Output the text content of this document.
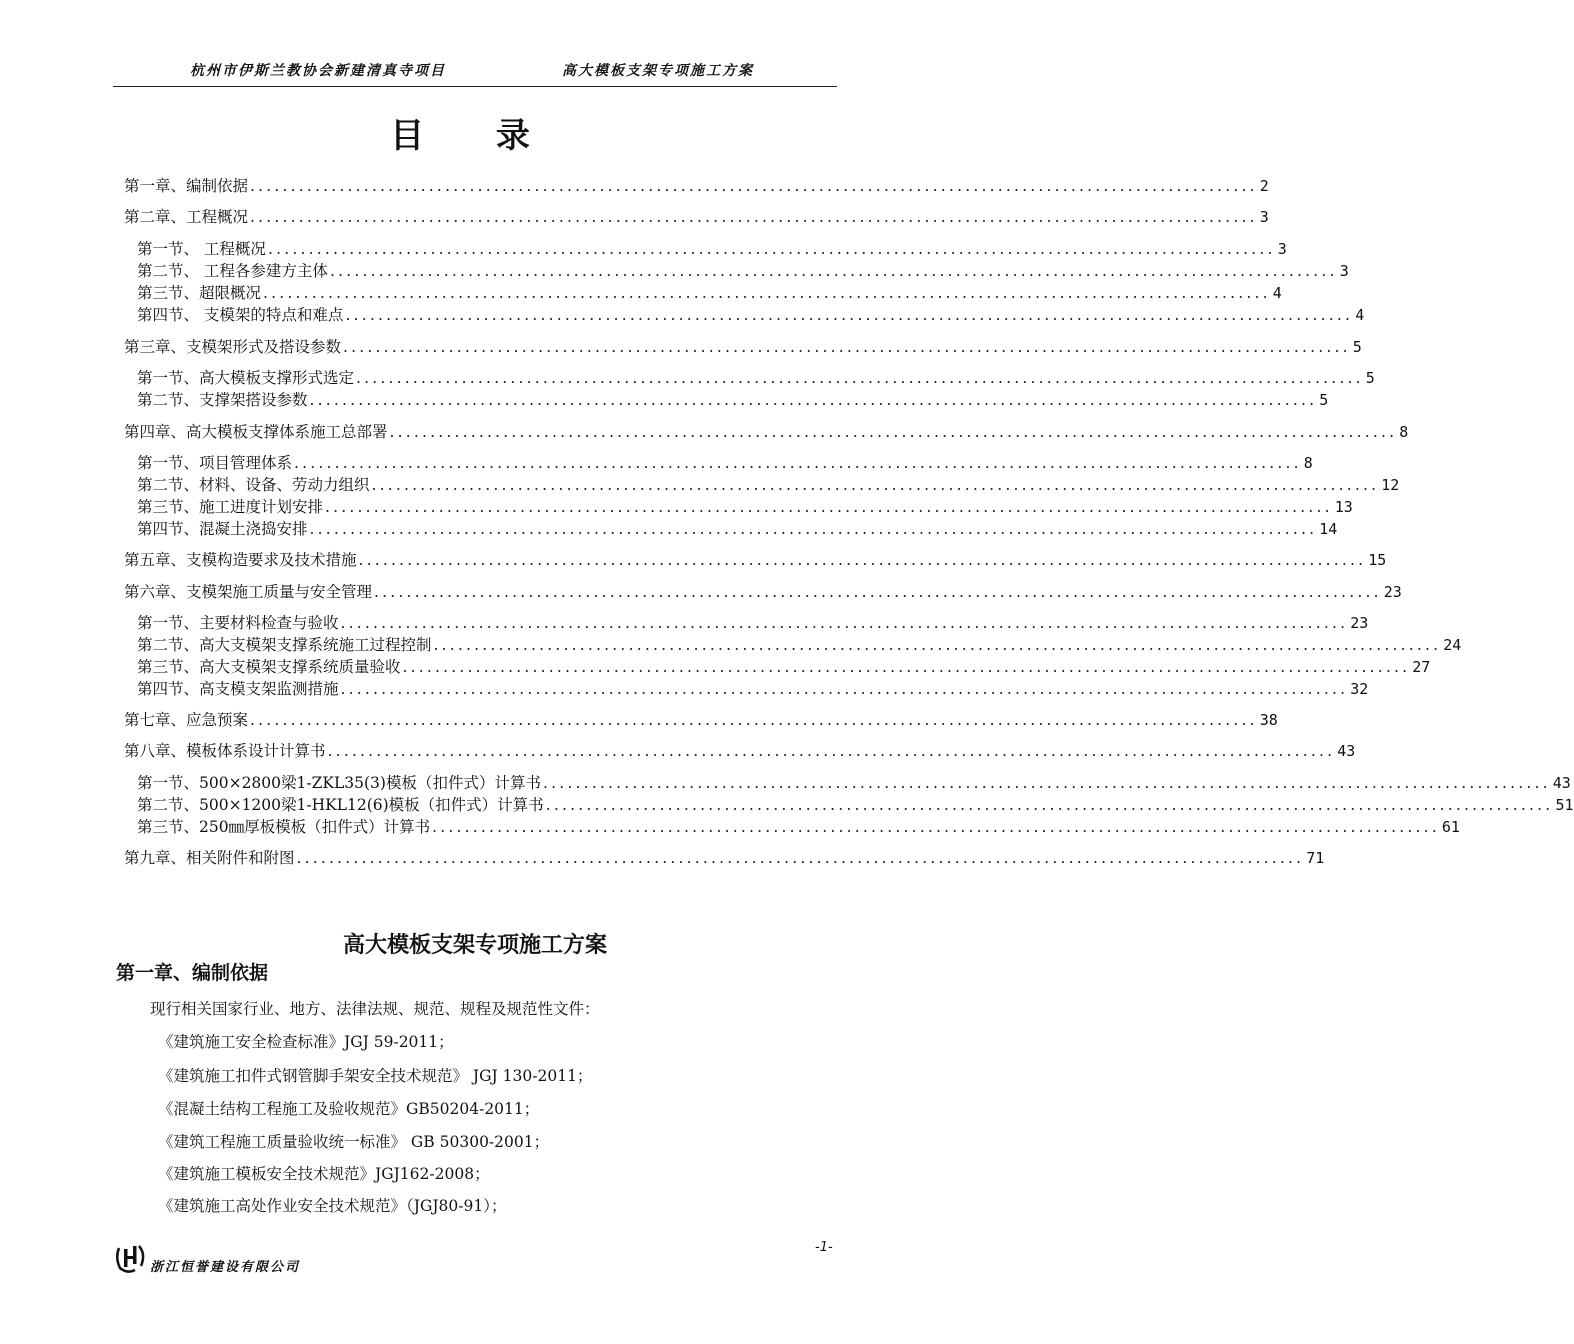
杭州市伊斯兰教协会新建清真寺项目	高大模板支架专项施工方案
目 录
第一章、编制依据 ............................................................................................................................ 2
第二章、工程概况 ............................................................................................................................ 3
第一节、 工程概况 ............................................................................................................................ 3
第二节、 工程各参建方主体 ............................................................................................................................ 3
第三节、超限概况 ............................................................................................................................ 4
第四节、 支模架的特点和难点 ............................................................................................................................ 4
第三章、支模架形式及搭设参数 ............................................................................................................................ 5
第一节、高大模板支撑形式选定 ............................................................................................................................ 5
第二节、支撑架搭设参数 ............................................................................................................................ 5
第四章、高大模板支撑体系施工总部署 ............................................................................................................................ 8
第一节、项目管理体系 ............................................................................................................................ 8
第二节、材料、设备、劳动力组织 ............................................................................................................................ 12
第三节、施工进度计划安排 ............................................................................................................................ 13
第四节、混凝土浇捣安排 ............................................................................................................................ 14
第五章、支模构造要求及技术措施 ............................................................................................................................ 15
第六章、支模架施工质量与安全管理 ............................................................................................................................ 23
第一节、主要材料检查与验收 ............................................................................................................................ 23
第二节、高大支模架支撑系统施工过程控制 ............................................................................................................................ 24
第三节、高大支模架支撑系统质量验收 ............................................................................................................................ 27
第四节、高支模支架监测措施 ............................................................................................................................ 32
第七章、应急预案 ............................................................................................................................ 38
第八章、模板体系设计计算书 ............................................................................................................................ 43
第一节、500×2800梁1-ZKL35(3)模板（扣件式）计算书 ............................................................................................................................ 43
第二节、500×1200梁1-HKL12(6)模板（扣件式）计算书 ............................................................................................................................ 51
第三节、250㎜厚板模板（扣件式）计算书 ............................................................................................................................ 61
第九章、相关附件和附图 ............................................................................................................................ 71
高大模板支架专项施工方案
第一章、编制依据
现行相关国家行业、地方、法律法规、规范、规程及规范性文件：
《建筑施工安全检查标准》JGJ 59-2011；
《建筑施工扣件式钢管脚手架安全技术规范》 JGJ 130-2011；
《混凝土结构工程施工及验收规范》GB50204-2011；
《建筑工程施工质量验收统一标准》 GB 50300-2001；
《建筑施工模板安全技术规范》JGJ162-2008；
《建筑施工高处作业安全技术规范》（JGJ80-91）；
浙江恒誉建设有限公司
-1-
